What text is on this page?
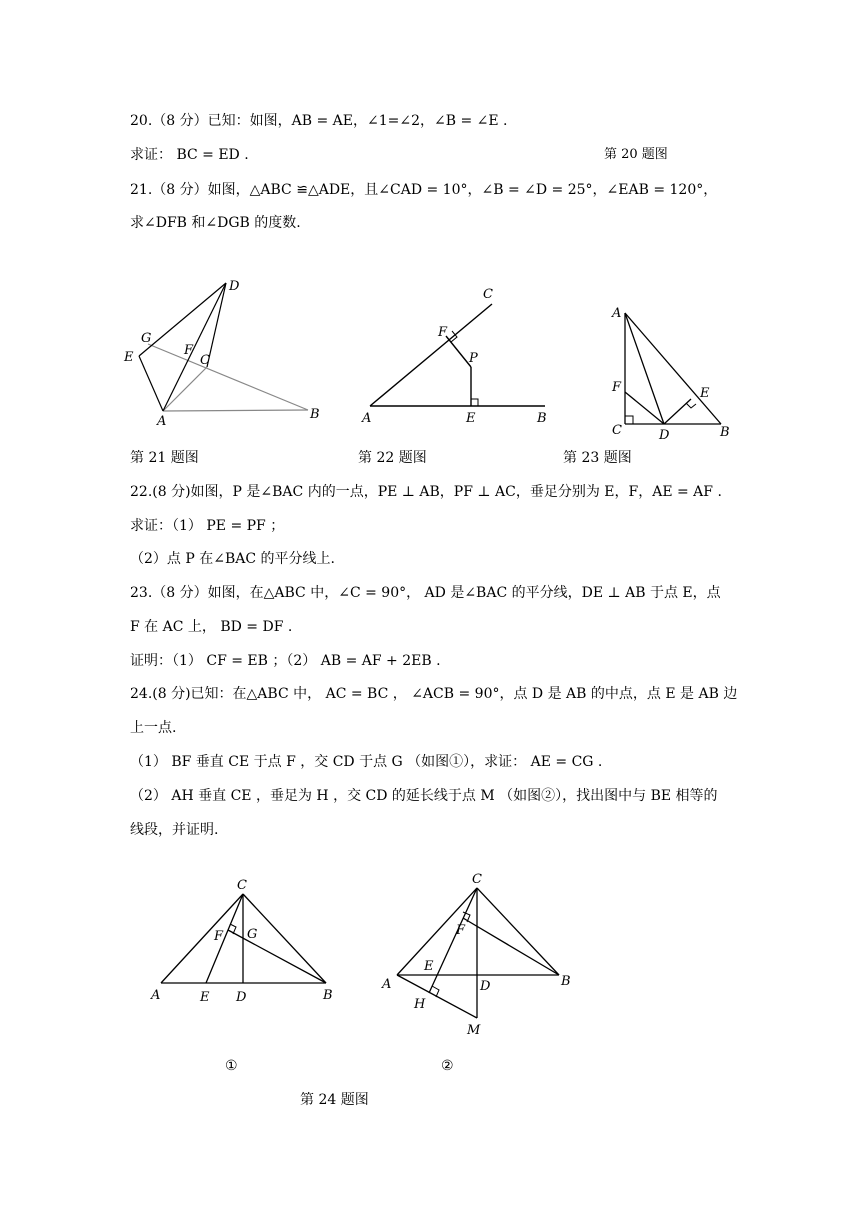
20.（8 分）已知：如图，AB = AE，∠1=∠2，∠B = ∠E .
求证： BC = ED .	第 20 题图
21.（8 分）如图，△ABC ≌△ADE，且∠CAD = 10°，∠B = ∠D = 25°，∠EAB = 120°，
求∠DFB 和∠DGB 的度数.
D
G
F
C
E
A	B
C
F
P
A	E	B
A
F	E
C	D	B
第 21 题图	第 22 题图	第 23 题图
22.(8 分)如图，P 是∠BAC 内的一点，PE ⊥ AB，PF ⊥ AC，垂足分别为 E，F，AE = AF .
求证：（1） PE = PF ；
（2）点 P 在∠BAC 的平分线上.
23.（8 分）如图，在△ABC 中，∠C = 90°， AD 是∠BAC 的平分线，DE ⊥ AB 于点 E，点
F 在 AC 上， BD = DF .
证明：（1） CF = EB ；（2） AB = AF + 2EB .
24.(8 分)已知：在△ABC 中， AC = BC ， ∠ACB = 90°，点 D 是 AB 的中点，点 E 是 AB 边
上一点.
（1） BF 垂直 CE 于点 F ，交 CD 于点 G （如图①），求证： AE = CG .
（2） AH 垂直 CE ，垂足为 H ，交 CD 的延长线于点 M （如图②），找出图中与 BE 相等的
线段，并证明.
C
F G
A	E D	B
C
F
E
A	D	B
H
M
①	②
第 24 题图
